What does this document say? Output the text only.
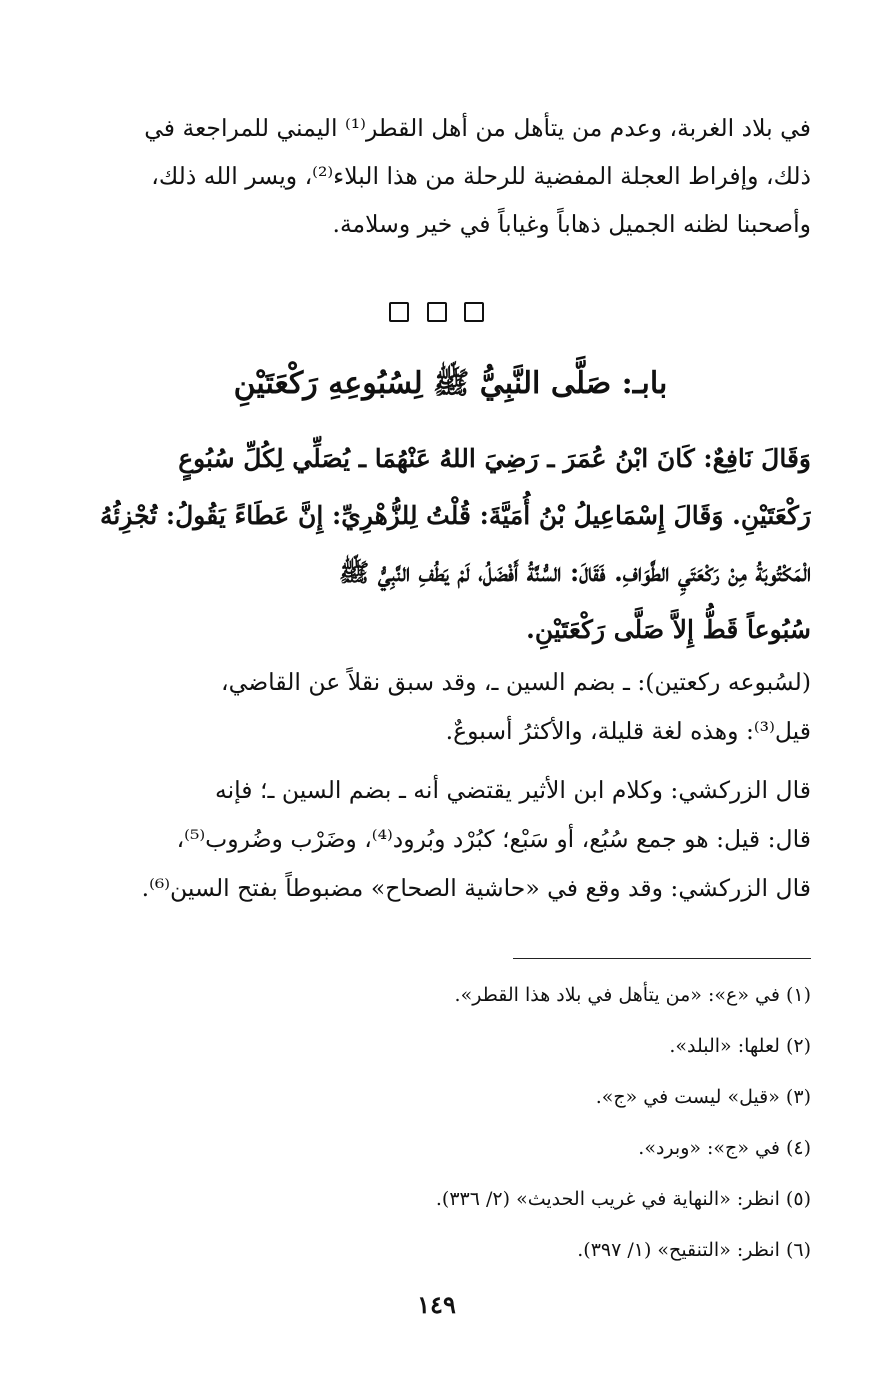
في بلاد الغربة، وعدم من يتأهل من أهل القطر⁽¹⁾ اليمني للمراجعة في
ذلك، وإفراط العجلة المفضية للرحلة من هذا البلاء⁽²⁾، ويسر الله ذلك،
وأصحبنا لظنه الجميل ذهاباً وغياباً في خير وسلامة.

بابـ: صَلَّى النَّبِيُّ ﷺ لِسُبُوعِهِ رَكْعَتَيْنِ
وَقَالَ نَافِعٌ: كَانَ ابْنُ عُمَرَ ـ رَضِيَ اللهُ عَنْهُمَا ـ يُصَلِّي لِكُلِّ سُبُوعٍ
رَكْعَتَيْنِ. وَقَالَ إِسْمَاعِيلُ بْنُ أُمَيَّةَ: قُلْتُ لِلزُّهْرِيِّ: إِنَّ عَطَاءً يَقُولُ: تُجْزِئُهُ
الْمَكْتُوبَةُ مِنْ رَكْعَتَيِ الطَّوَافِ. فَقَالَ: السُّنَّةُ أَفْضَلُ، لَمْ يَطُفِ النَّبِيُّ ﷺ
سُبُوعاً قَطُّ إِلاَّ صَلَّى رَكْعَتَيْنِ.
(لسُبوعه ركعتين): ـ بضم السين ـ، وقد سبق نقلاً عن القاضي،
قيل⁽³⁾: وهذه لغة قليلة، والأكثرُ أسبوعٌ.
قال الزركشي: وكلام ابن الأثير يقتضي أنه ـ بضم السين ـ؛ فإنه
قال: قيل: هو جمع سُبُع، أو سَبْع؛ كبُرْد وبُرود⁽⁴⁾، وضَرْب وضُروب⁽⁵⁾،
قال الزركشي: وقد وقع في «حاشية الصحاح» مضبوطاً بفتح السين⁽⁶⁾.
(١) في «ع»: «من يتأهل في بلاد هذا القطر».
(٢) لعلها: «البلد».
(٣) «قيل» ليست في «ج».
(٤) في «ج»: «وبرد».
(٥) انظر: «النهاية في غريب الحديث» (٢/ ٣٣٦).
(٦) انظر: «التنقيح» (١/ ٣٩٧).
١٤٩
